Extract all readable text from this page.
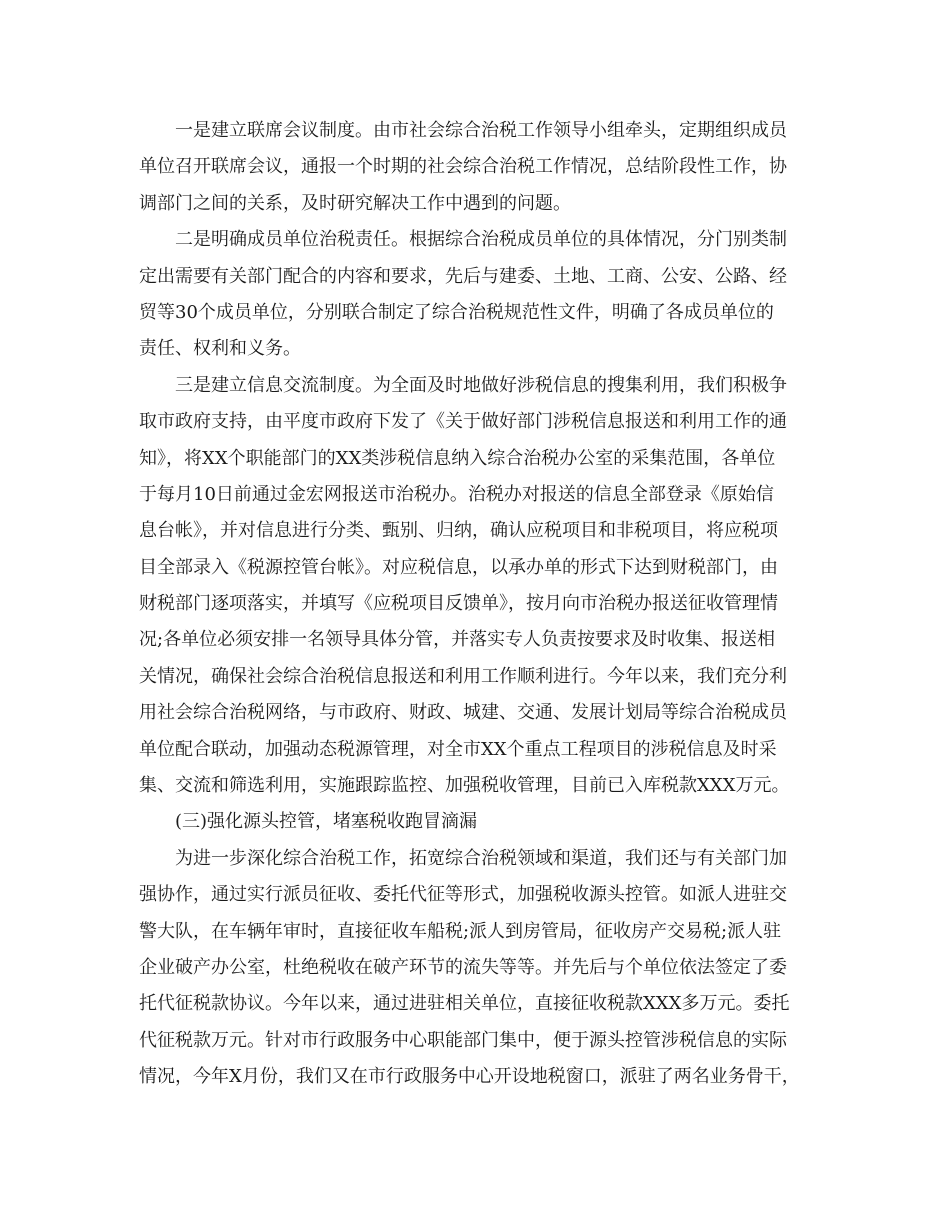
一是建立联席会议制度。由市社会综合治税工作领导小组牵头，定期组织成员
单位召开联席会议，通报一个时期的社会综合治税工作情况，总结阶段性工作，协
调部门之间的关系，及时研究解决工作中遇到的问题。
二是明确成员单位治税责任。根据综合治税成员单位的具体情况，分门别类制
定出需要有关部门配合的内容和要求，先后与建委、土地、工商、公安、公路、经
贸等30个成员单位，分别联合制定了综合治税规范性文件，明确了各成员单位的
责任、权利和义务。
三是建立信息交流制度。为全面及时地做好涉税信息的搜集利用，我们积极争
取市政府支持，由平度市政府下发了《关于做好部门涉税信息报送和利用工作的通
知》，将XX个职能部门的XX类涉税信息纳入综合治税办公室的采集范围，各单位
于每月10日前通过金宏网报送市治税办。治税办对报送的信息全部登录《原始信
息台帐》，并对信息进行分类、甄别、归纳，确认应税项目和非税项目，将应税项
目全部录入《税源控管台帐》。对应税信息，以承办单的形式下达到财税部门，由
财税部门逐项落实，并填写《应税项目反馈单》，按月向市治税办报送征收管理情
况;各单位必须安排一名领导具体分管，并落实专人负责按要求及时收集、报送相
关情况，确保社会综合治税信息报送和利用工作顺利进行。今年以来，我们充分利
用社会综合治税网络，与市政府、财政、城建、交通、发展计划局等综合治税成员
单位配合联动，加强动态税源管理，对全市XX个重点工程项目的涉税信息及时采
集、交流和筛选利用，实施跟踪监控、加强税收管理，目前已入库税款XXX万元。
(三)强化源头控管，堵塞税收跑冒滴漏
为进一步深化综合治税工作，拓宽综合治税领域和渠道，我们还与有关部门加
强协作，通过实行派员征收、委托代征等形式，加强税收源头控管。如派人进驻交
警大队，在车辆年审时，直接征收车船税;派人到房管局，征收房产交易税;派人驻
企业破产办公室，杜绝税收在破产环节的流失等等。并先后与个单位依法签定了委
托代征税款协议。今年以来，通过进驻相关单位，直接征收税款XXX多万元。委托
代征税款万元。针对市行政服务中心职能部门集中，便于源头控管涉税信息的实际
情况，今年X月份，我们又在市行政服务中心开设地税窗口，派驻了两名业务骨干，
